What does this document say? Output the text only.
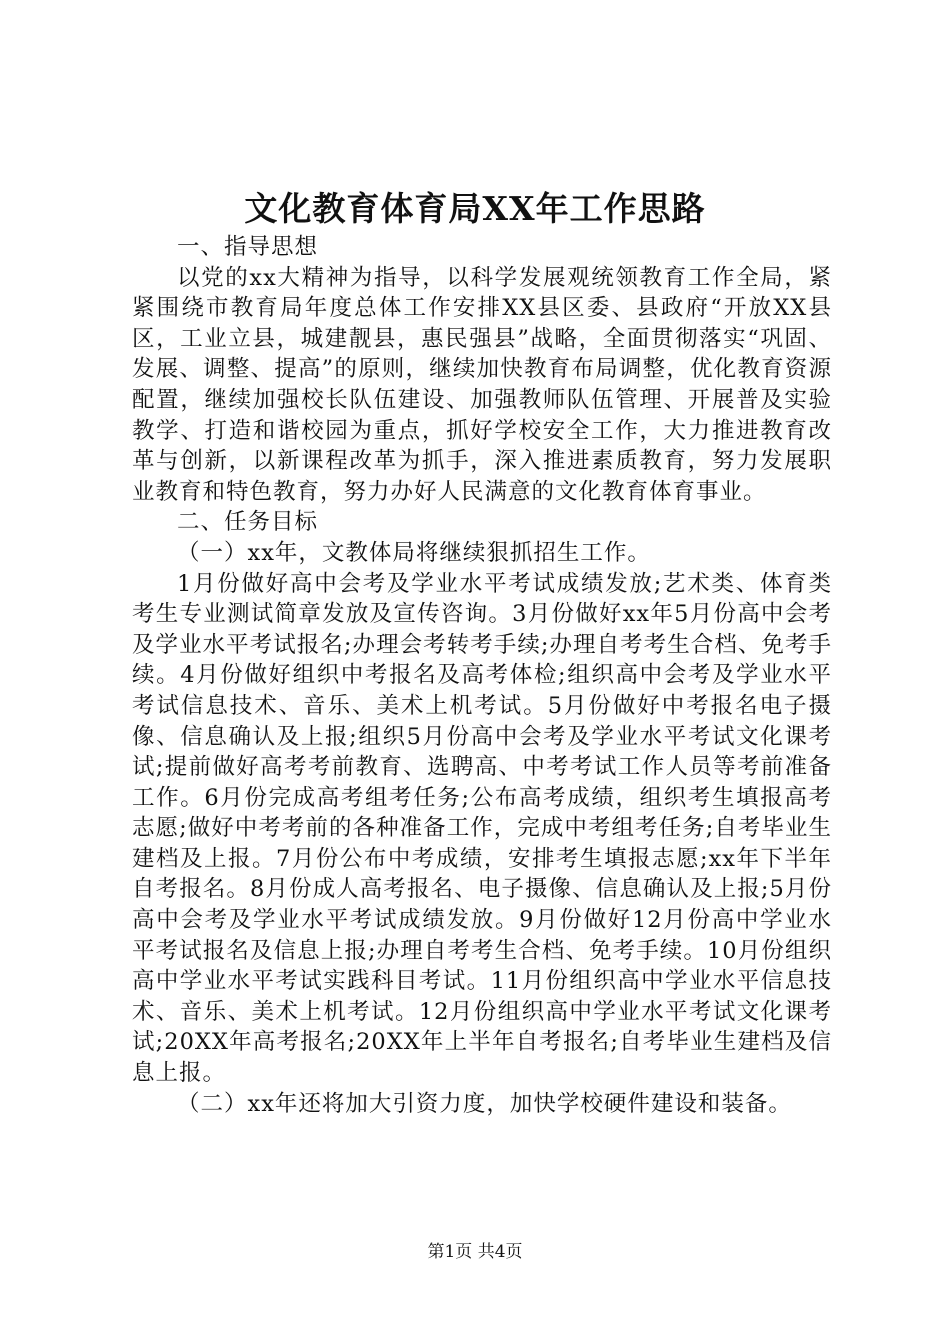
文化教育体育局XX年工作思路

一、指导思想

以党的xx大精神为指导，以科学发展观统领教育工作全局，紧紧围绕市教育局年度总体工作安排XX县区委、县政府“开放XX县区，工业立县，城建靓县，惠民强县”战略，全面贯彻落实“巩固、发展、调整、提高”的原则，继续加快教育布局调整，优化教育资源配置，继续加强校长队伍建设、加强教师队伍管理、开展普及实验教学、打造和谐校园为重点，抓好学校安全工作，大力推进教育改革与创新，以新课程改革为抓手，深入推进素质教育，努力发展职业教育和特色教育，努力办好人民满意的文化教育体育事业。

二、任务目标

（一）xx年，文教体局将继续狠抓招生工作。

1月份做好高中会考及学业水平考试成绩发放;艺术类、体育类考生专业测试简章发放及宣传咨询。3月份做好xx年5月份高中会考及学业水平考试报名;办理会考转考手续;办理自考考生合档、免考手续。4月份做好组织中考报名及高考体检;组织高中会考及学业水平考试信息技术、音乐、美术上机考试。5月份做好中考报名电子摄像、信息确认及上报;组织5月份高中会考及学业水平考试文化课考试;提前做好高考考前教育、选聘高、中考考试工作人员等考前准备工作。6月份完成高考组考任务;公布高考成绩，组织考生填报高考志愿;做好中考考前的各种准备工作，完成中考组考任务;自考毕业生建档及上报。7月份公布中考成绩，安排考生填报志愿;xx年下半年自考报名。8月份成人高考报名、电子摄像、信息确认及上报;5月份高中会考及学业水平考试成绩发放。9月份做好12月份高中学业水平考试报名及信息上报;办理自考考生合档、免考手续。10月份组织高中学业水平考试实践科目考试。11月份组织高中学业水平信息技术、音乐、美术上机考试。12月份组织高中学业水平考试文化课考试;20XX年高考报名;20XX年上半年自考报名;自考毕业生建档及信息上报。

（二）xx年还将加大引资力度，加快学校硬件建设和装备。

第1页 共4页
